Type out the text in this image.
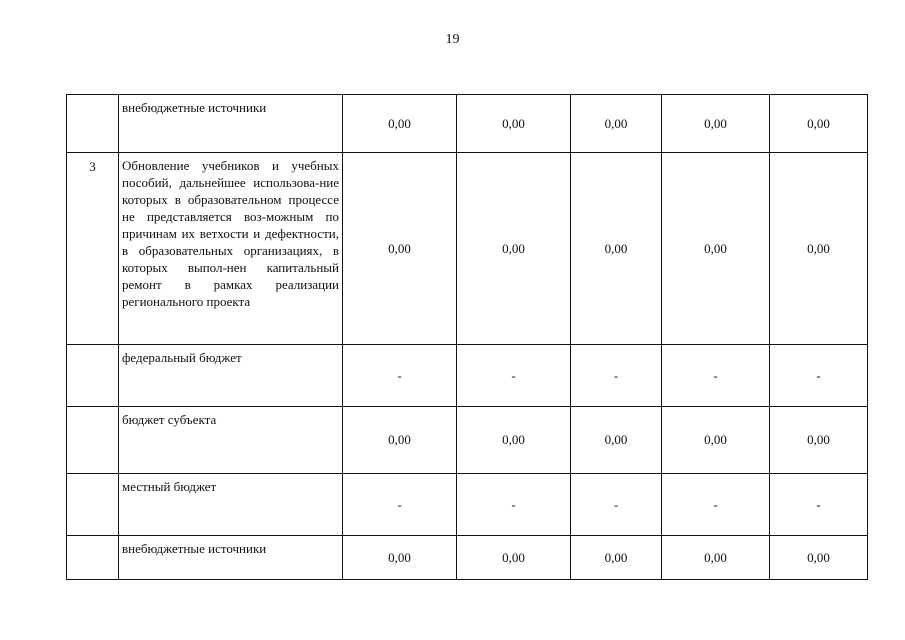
19

	внебюджетные источники	0,00	0,00	0,00	0,00	0,00

3	Обновление учебников и учебных пособий, дальнейшее использова-ние которых в образовательном процессе не представляется воз-можным по причинам их ветхости и дефектности, в образовательных организациях, в которых выпол-нен капитальный ремонт в рамках реализации регионального проекта	0,00	0,00	0,00	0,00	0,00

	федеральный бюджет	-	-	-	-	-

	бюджет субъекта	0,00	0,00	0,00	0,00	0,00

	местный бюджет	-	-	-	-	-

	внебюджетные источники	0,00	0,00	0,00	0,00	0,00
